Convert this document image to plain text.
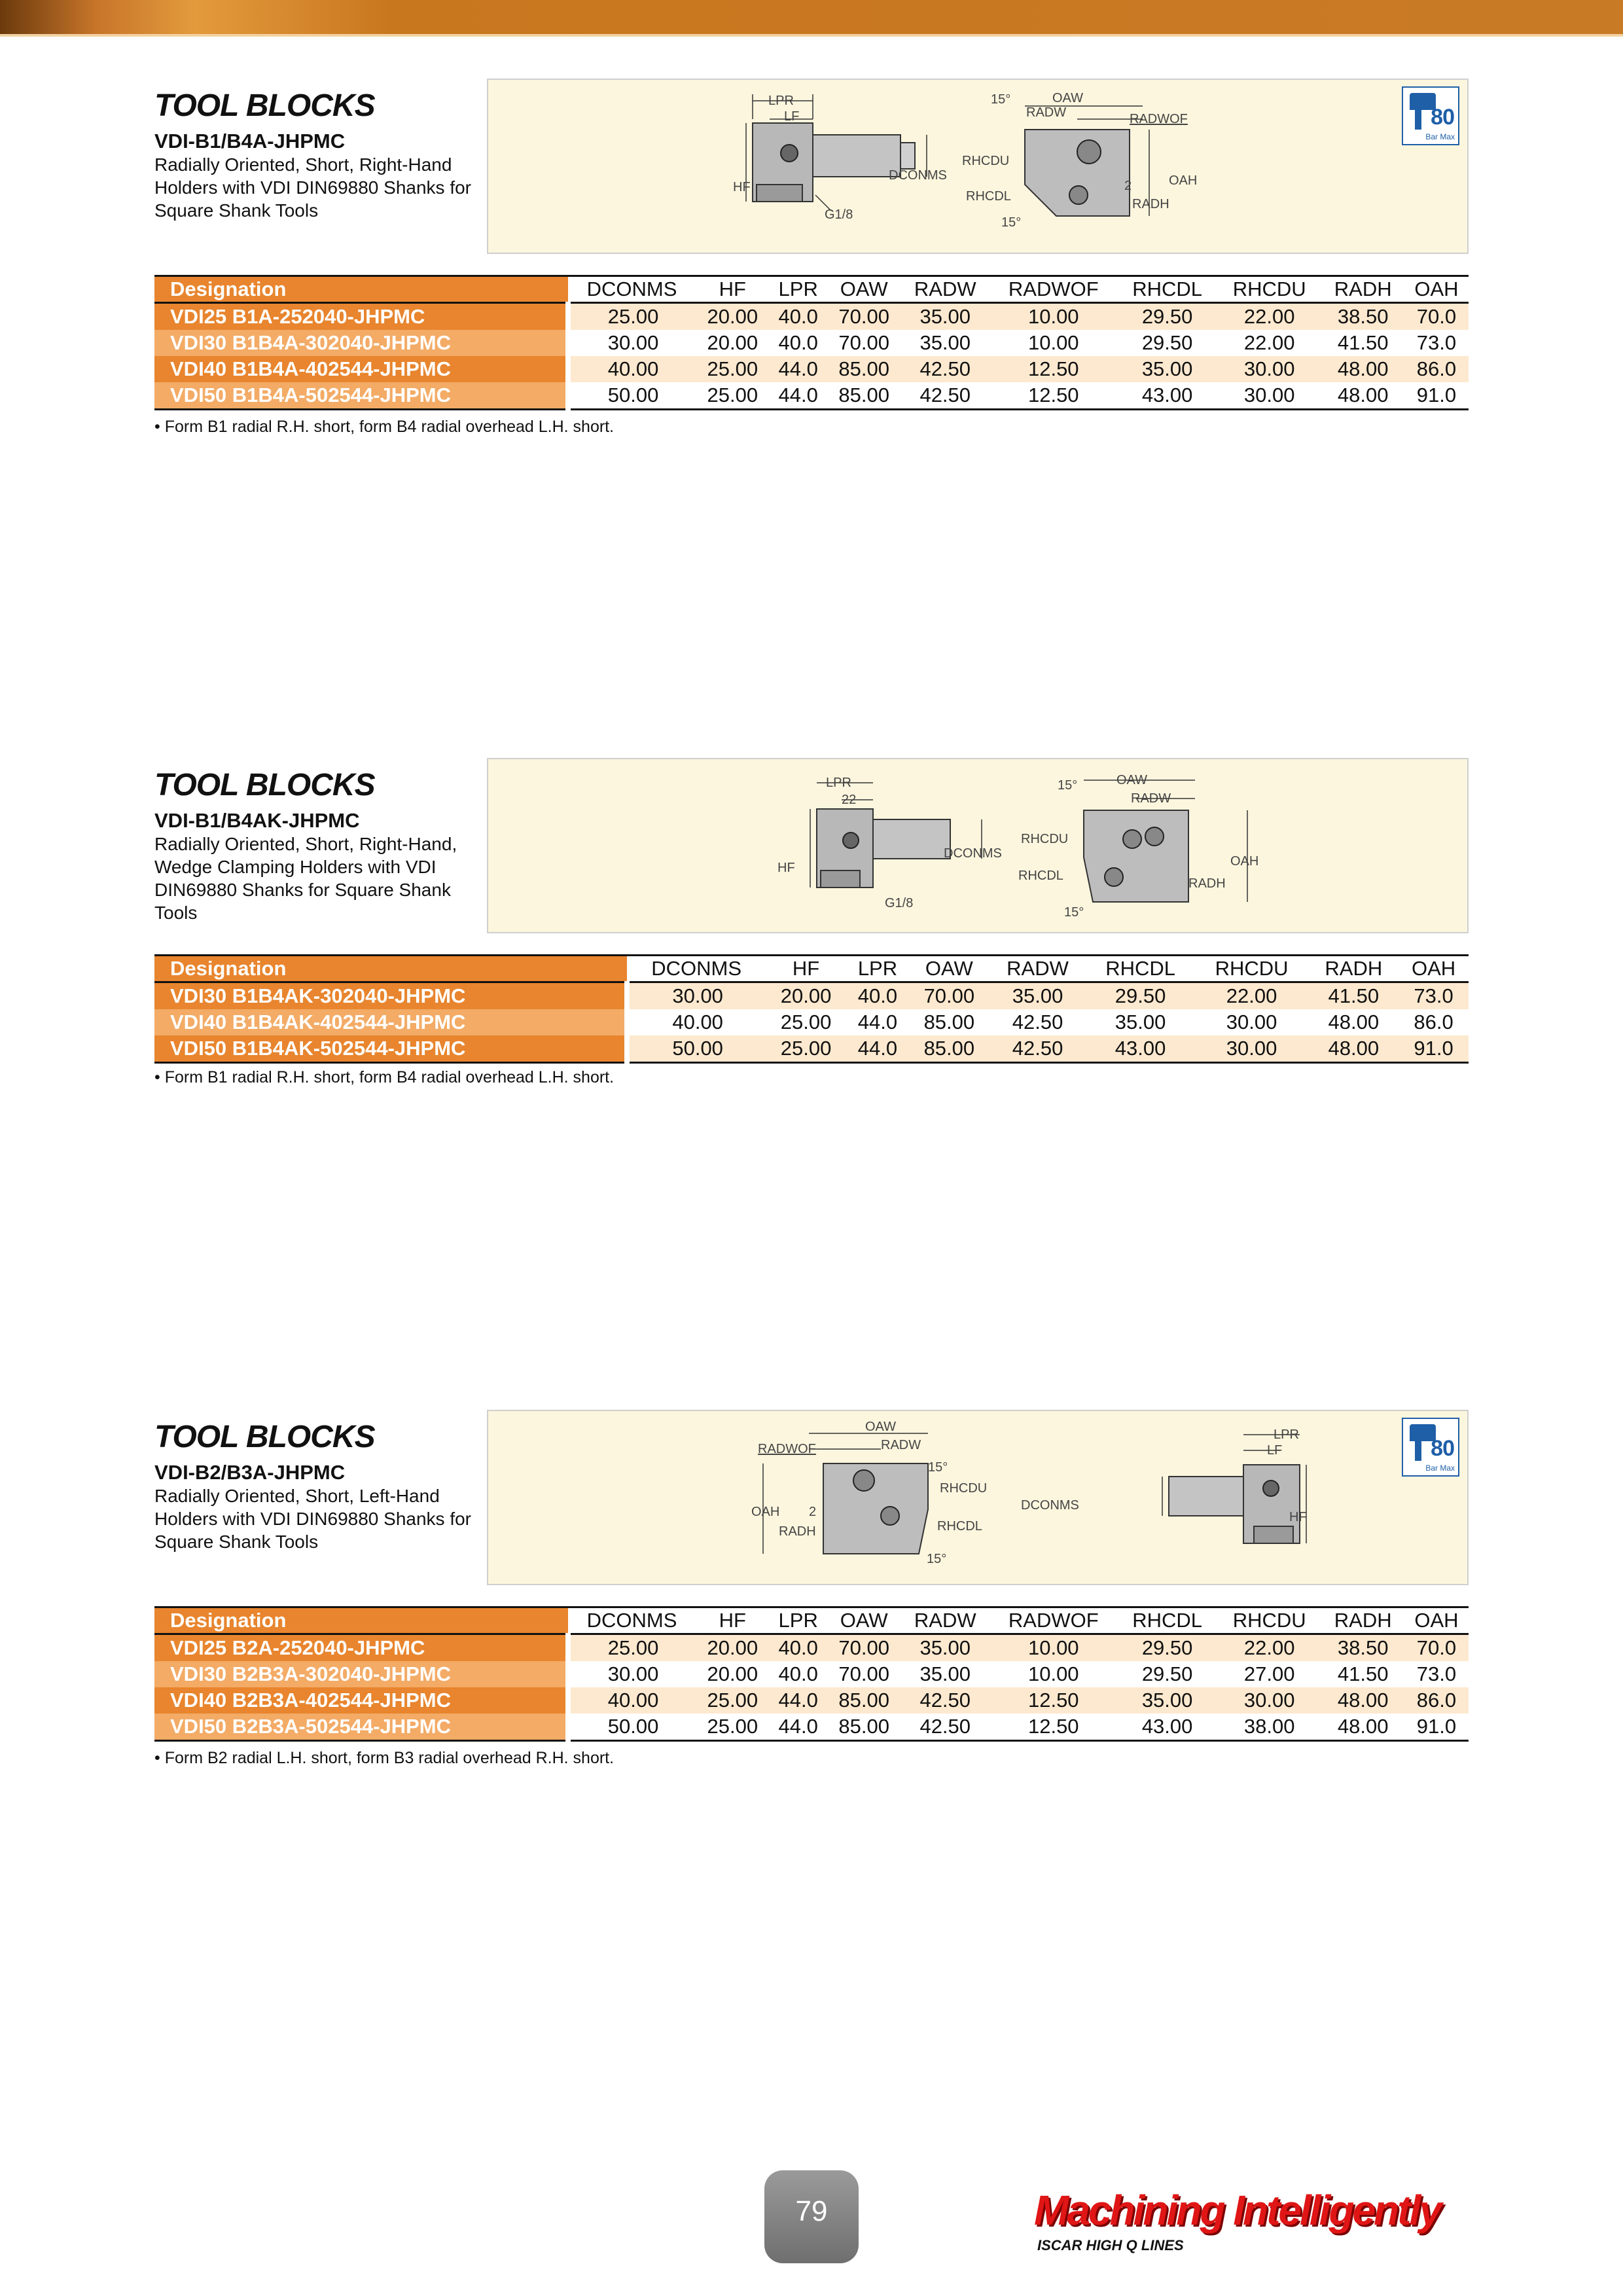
TOOL BLOCKS
VDI-B1/B4A-JHPMC
Radially Oriented, Short, Right-Hand Holders with VDI DIN69880 Shanks for Square Shank Tools
LPR
LF
HF
DCONMS
G1/8
15°	OAW
RADW	RADWOF
RHCDU
RHCDL
15°
2	OAH
RADH
80
Bar Max
Designation	DCONMS	HF	LPR	OAW	RADW	RADWOF	RHCDL	RHCDU	RADH	OAH
VDI25 B1A-252040-JHPMC	25.00	20.00	40.0	70.00	35.00	10.00	29.50	22.00	38.50	70.0
VDI30 B1B4A-302040-JHPMC	30.00	20.00	40.0	70.00	35.00	10.00	29.50	22.00	41.50	73.0
VDI40 B1B4A-402544-JHPMC	40.00	25.00	44.0	85.00	42.50	12.50	35.00	30.00	48.00	86.0
VDI50 B1B4A-502544-JHPMC	50.00	25.00	44.0	85.00	42.50	12.50	43.00	30.00	48.00	91.0
• Form B1 radial R.H. short, form B4 radial overhead L.H. short.
TOOL BLOCKS
VDI-B1/B4AK-JHPMC
Radially Oriented, Short, Right-Hand, Wedge Clamping Holders with VDI DIN69880 Shanks for Square Shank Tools
LPR
22
HF
DCONMS
G1/8
15°	OAW
RADW
RHCDU
RHCDL
15°
OAH
RADH
Designation	DCONMS	HF	LPR	OAW	RADW	RHCDL	RHCDU	RADH	OAH
VDI30 B1B4AK-302040-JHPMC	30.00	20.00	40.0	70.00	35.00	29.50	22.00	41.50	73.0
VDI40 B1B4AK-402544-JHPMC	40.00	25.00	44.0	85.00	42.50	35.00	30.00	48.00	86.0
VDI50 B1B4AK-502544-JHPMC	50.00	25.00	44.0	85.00	42.50	43.00	30.00	48.00	91.0
• Form B1 radial R.H. short, form B4 radial overhead L.H. short.
TOOL BLOCKS
VDI-B2/B3A-JHPMC
Radially Oriented, Short, Left-Hand Holders with VDI DIN69880 Shanks for Square Shank Tools
OAW
RADWOF	RADW
15°
RHCDU
RHCDL
15°
OAH 2
RADH
LPR
LF
HF
DCONMS
80
Bar Max
Designation	DCONMS	HF	LPR	OAW	RADW	RADWOF	RHCDL	RHCDU	RADH	OAH
VDI25 B2A-252040-JHPMC	25.00	20.00	40.0	70.00	35.00	10.00	29.50	22.00	38.50	70.0
VDI30 B2B3A-302040-JHPMC	30.00	20.00	40.0	70.00	35.00	10.00	29.50	27.00	41.50	73.0
VDI40 B2B3A-402544-JHPMC	40.00	25.00	44.0	85.00	42.50	12.50	35.00	30.00	48.00	86.0
VDI50 B2B3A-502544-JHPMC	50.00	25.00	44.0	85.00	42.50	12.50	43.00	38.00	48.00	91.0
• Form B2 radial L.H. short, form B3 radial overhead R.H. short.
79	Machining Intelligently
ISCAR HIGH Q LINES
